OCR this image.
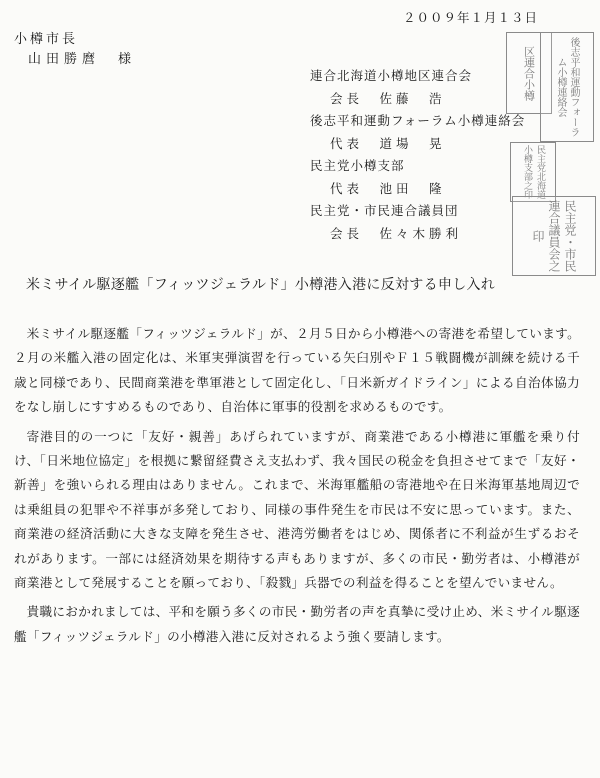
２００９年１月１３日
小樽市長
山田勝麿　様
連合北海道小樽地区連合会
会長　佐藤　浩
後志平和運動フォーラム小樽連絡会
代表　道場　晃
民主党小樽支部
代表　池田　隆
民主党・市民連合議員団
会長　佐々木勝利
区連合小樽	後志平和運動フォーラム小樽連絡会
民主党北海道小樽支部之印
民主党・市民連合議員会之印
米ミサイル駆逐艦「フィッツジェラルド」小樽港入港に反対する申し入れ

米ミサイル駆逐艦「フィッツジェラルド」が、２月５日から小樽港への寄港を希望しています。２月の米艦入港の固定化は、米軍実弾演習を行っている矢臼別やＦ１５戦闘機が訓練を続ける千歳と同様であり、民間商業港を準軍港として固定化し、「日米新ガイドライン」による自治体協力をなし崩しにすすめるものであり、自治体に軍事的役割を求めるものです。

寄港目的の一つに「友好・親善」あげられていますが、商業港である小樽港に軍艦を乗り付け、「日米地位協定」を根拠に繋留経費さえ支払わず、我々国民の税金を負担させてまで「友好・新善」を強いられる理由はありません。これまで、米海軍艦船の寄港地や在日米海軍基地周辺では乗組員の犯罪や不祥事が多発しており、同様の事件発生を市民は不安に思っています。また、商業港の経済活動に大きな支障を発生させ、港湾労働者をはじめ、関係者に不利益が生ずるおそれがあります。一部には経済効果を期待する声もありますが、多くの市民・勤労者は、小樽港が商業港として発展することを願っており、「殺戮」兵器での利益を得ることを望んでいません。

貴職におかれましては、平和を願う多くの市民・勤労者の声を真摯に受け止め、米ミサイル駆逐艦「フィッツジェラルド」の小樽港入港に反対されるよう強く要請します。
